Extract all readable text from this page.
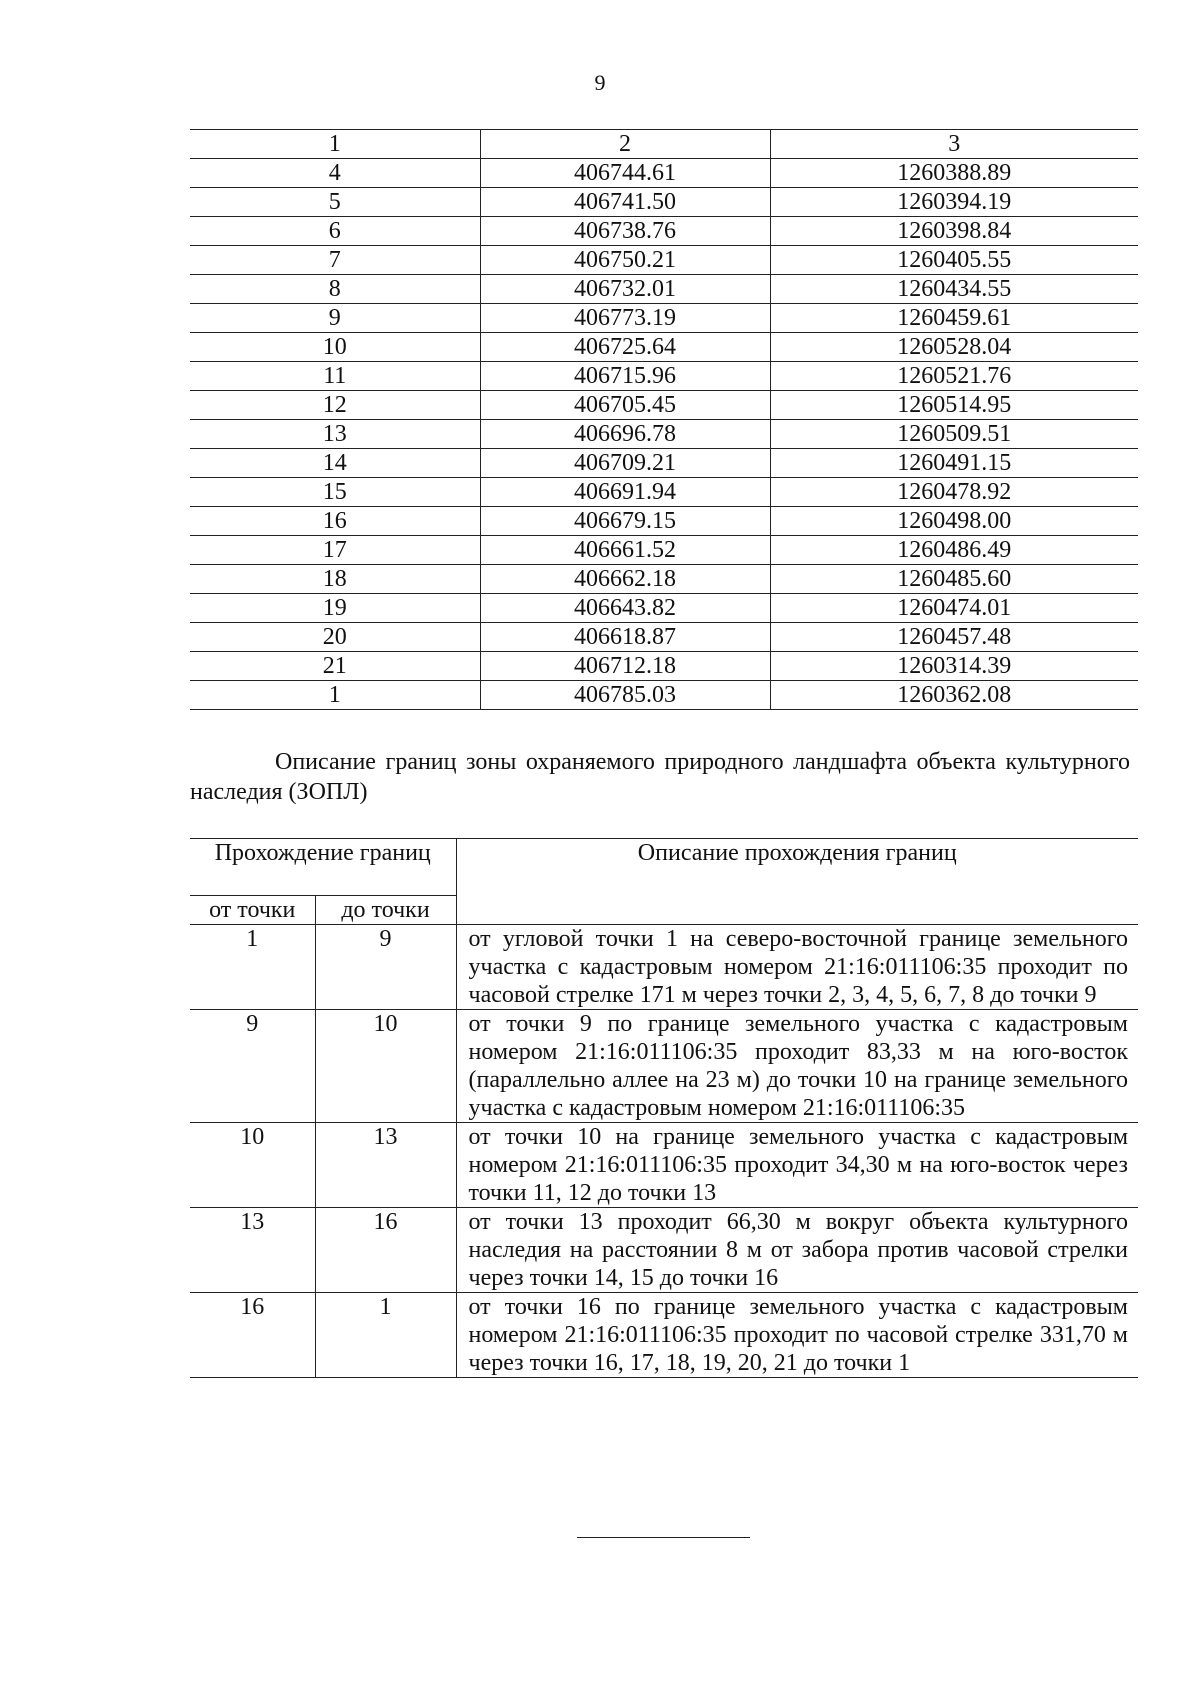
9
1	2	3
4	406744.61	1260388.89
5	406741.50	1260394.19
6	406738.76	1260398.84
7	406750.21	1260405.55
8	406732.01	1260434.55
9	406773.19	1260459.61
10	406725.64	1260528.04
11	406715.96	1260521.76
12	406705.45	1260514.95
13	406696.78	1260509.51
14	406709.21	1260491.15
15	406691.94	1260478.92
16	406679.15	1260498.00
17	406661.52	1260486.49
18	406662.18	1260485.60
19	406643.82	1260474.01
20	406618.87	1260457.48
21	406712.18	1260314.39
1	406785.03	1260362.08

Описание границ зоны охраняемого природного ландшафта объекта культурного наследия (ЗОПЛ)

Прохождение границ		Описание прохождения границ
от точки	до точки	
1	9	от угловой точки 1 на северо-восточной границе земельного участка с кадастровым номером 21:16:011106:35 проходит по часовой стрелке 171 м через точки 2, 3, 4, 5, 6, 7, 8 до точки 9
9	10	от точки 9 по границе земельного участка с кадастровым номером 21:16:011106:35 проходит 83,33 м на юго-восток (параллельно аллее на 23 м) до точки 10 на границе земельного участка с кадастровым номером 21:16:011106:35
10	13	от точки 10 на границе земельного участка с кадастровым номером 21:16:011106:35 проходит 34,30 м на юго-восток через точки 11, 12 до точки 13
13	16	от точки 13 проходит 66,30 м вокруг объекта культурного наследия на расстоянии 8 м от забора против часовой стрелки через точки 14, 15 до точки 16
16	1	от точки 16 по границе земельного участка с кадастровым номером 21:16:011106:35 проходит по часовой стрелке 331,70 м через точки 16, 17, 18, 19, 20, 21 до точки 1
